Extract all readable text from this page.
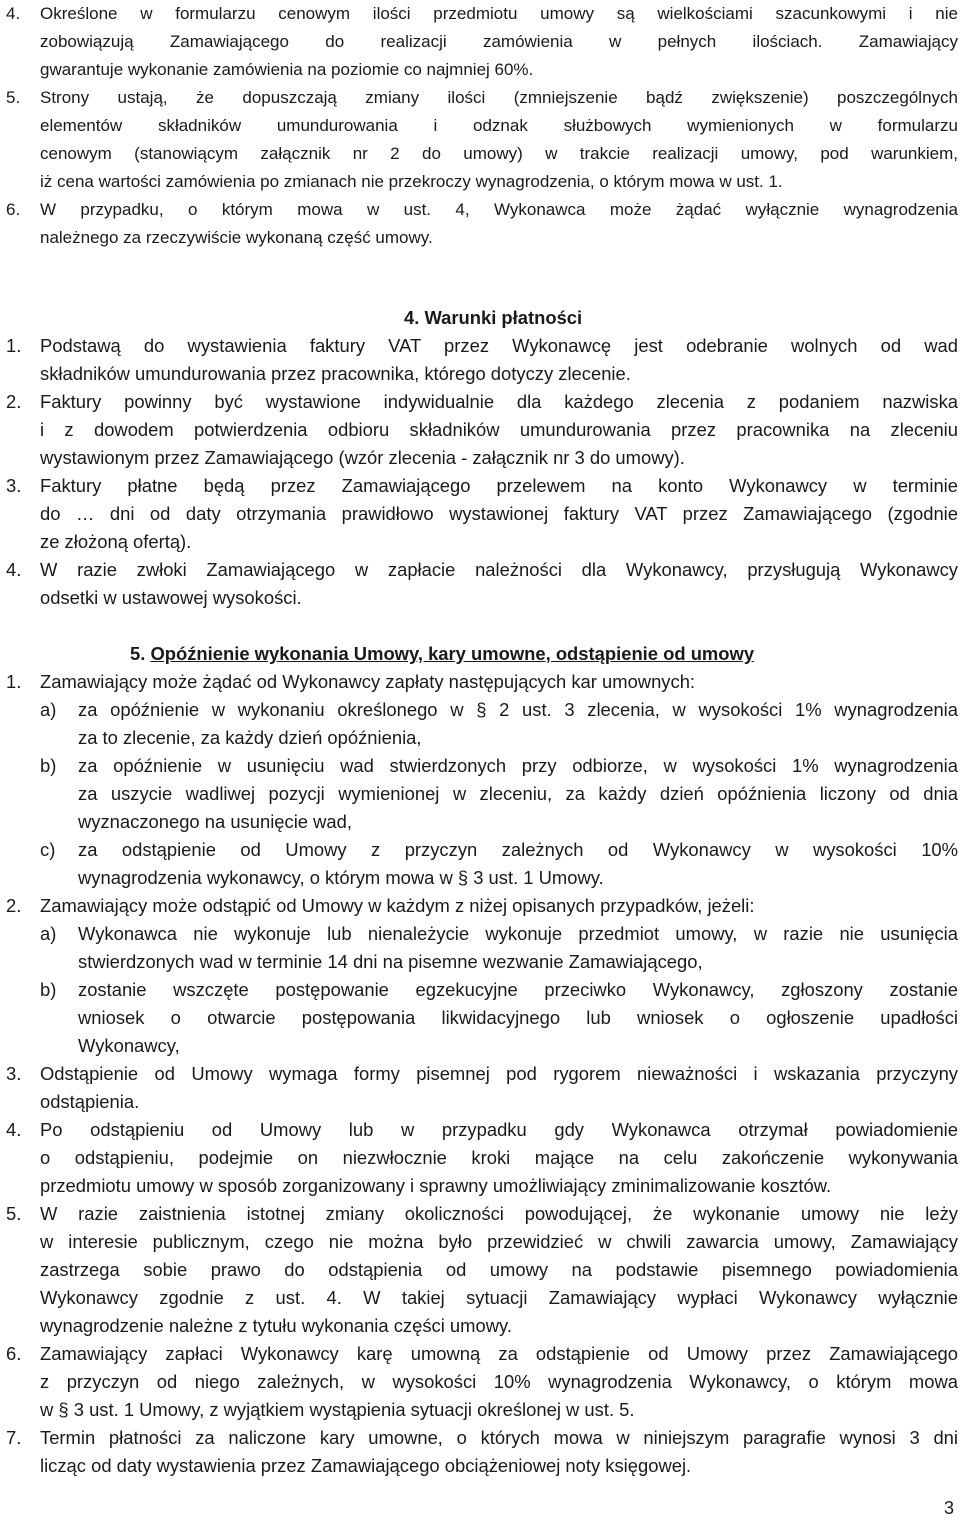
4. Określone w formularzu cenowym ilości przedmiotu umowy są wielkościami szacunkowymi i nie
zobowiązują Zamawiającego do realizacji zamówienia w pełnych ilościach. Zamawiający
gwarantuje wykonanie zamówienia na poziomie co najmniej 60%.
5. Strony ustają, że dopuszczają zmiany ilości (zmniejszenie bądź zwiększenie) poszczególnych
elementów składników umundurowania i odznak służbowych wymienionych w formularzu
cenowym (stanowiącym załącznik nr 2 do umowy) w trakcie realizacji umowy, pod warunkiem,
iż cena wartości zamówienia po zmianach nie przekroczy wynagrodzenia, o którym mowa w ust. 1.
6. W przypadku, o którym mowa w ust. 4, Wykonawca może żądać wyłącznie wynagrodzenia
należnego za rzeczywiście wykonaną część umowy.
4. Warunki płatności
1. Podstawą do wystawienia faktury VAT przez Wykonawcę jest odebranie wolnych od wad
składników umundurowania przez pracownika, którego dotyczy zlecenie.
2. Faktury powinny być wystawione indywidualnie dla każdego zlecenia z podaniem nazwiska
i z dowodem potwierdzenia odbioru składników umundurowania przez pracownika na zleceniu
wystawionym przez Zamawiającego (wzór zlecenia - załącznik nr 3 do umowy).
3. Faktury płatne będą przez Zamawiającego przelewem na konto Wykonawcy w terminie
do … dni od daty otrzymania prawidłowo wystawionej faktury VAT przez Zamawiającego (zgodnie
ze złożoną ofertą).
4. W razie zwłoki Zamawiającego w zapłacie należności dla Wykonawcy, przysługują Wykonawcy
odsetki w ustawowej wysokości.
5. Opóźnienie wykonania Umowy, kary umowne, odstąpienie od umowy
1. Zamawiający może żądać od Wykonawcy zapłaty następujących kar umownych:
a) za opóźnienie w wykonaniu określonego w § 2 ust. 3 zlecenia, w wysokości 1% wynagrodzenia
za to zlecenie, za każdy dzień opóźnienia,
b) za opóźnienie w usunięciu wad stwierdzonych przy odbiorze, w wysokości 1% wynagrodzenia
za uszycie wadliwej pozycji wymienionej w zleceniu, za każdy dzień opóźnienia liczony od dnia
wyznaczonego na usunięcie wad,
c) za odstąpienie od Umowy z przyczyn zależnych od Wykonawcy w wysokości 10%
wynagrodzenia wykonawcy, o którym mowa w § 3 ust. 1 Umowy.
2. Zamawiający może odstąpić od Umowy w każdym z niżej opisanych przypadków, jeżeli:
a) Wykonawca nie wykonuje lub nienależycie wykonuje przedmiot umowy, w razie nie usunięcia
stwierdzonych wad w terminie 14 dni na pisemne wezwanie Zamawiającego,
b) zostanie wszczęte postępowanie egzekucyjne przeciwko Wykonawcy, zgłoszony zostanie
wniosek o otwarcie postępowania likwidacyjnego lub wniosek o ogłoszenie upadłości
Wykonawcy,
3. Odstąpienie od Umowy wymaga formy pisemnej pod rygorem nieważności i wskazania przyczyny
odstąpienia.
4. Po odstąpieniu od Umowy lub w przypadku gdy Wykonawca otrzymał powiadomienie
o odstąpieniu, podejmie on niezwłocznie kroki mające na celu zakończenie wykonywania
przedmiotu umowy w sposób zorganizowany i sprawny umożliwiający zminimalizowanie kosztów.
5. W razie zaistnienia istotnej zmiany okoliczności powodującej, że wykonanie umowy nie leży
w interesie publicznym, czego nie można było przewidzieć w chwili zawarcia umowy, Zamawiający
zastrzega sobie prawo do odstąpienia od umowy na podstawie pisemnego powiadomienia
Wykonawcy zgodnie z ust. 4. W takiej sytuacji Zamawiający wypłaci Wykonawcy wyłącznie
wynagrodzenie należne z tytułu wykonania części umowy.
6. Zamawiający zapłaci Wykonawcy karę umowną za odstąpienie od Umowy przez Zamawiającego
z przyczyn od niego zależnych, w wysokości 10% wynagrodzenia Wykonawcy, o którym mowa
w § 3 ust. 1 Umowy, z wyjątkiem wystąpienia sytuacji określonej w ust. 5.
7. Termin płatności za naliczone kary umowne, o których mowa w niniejszym paragrafie wynosi 3 dni
licząc od daty wystawienia przez Zamawiającego obciążeniowej noty księgowej.
3
